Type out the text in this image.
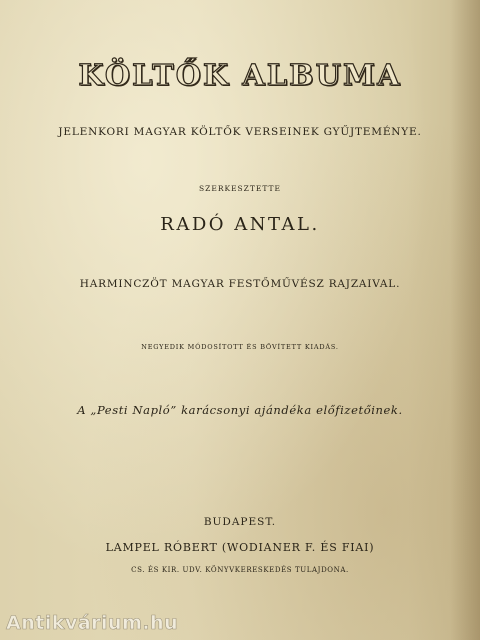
KÖLTŐK ALBUMA
JELENKORI MAGYAR KÖLTŐK VERSEINEK GYŰJTEMÉNYE.
SZERKESZTETTE
RADÓ ANTAL.
HARMINCZÖT MAGYAR FESTŐMŰVÉSZ RAJZAIVAL.
NEGYEDIK MÓDOSÍTOTT ÉS BŐVÍTETT KIADÁS.
A „Pesti Napló” karácsonyi ajándéka előfizetőinek.
BUDAPEST.
LAMPEL RÓBERT (WODIANER F. ÉS FIAI)
CS. ÉS KIR. UDV. KÖNYVKERESKEDÉS TULAJDONA.
Antikvárium.hu
